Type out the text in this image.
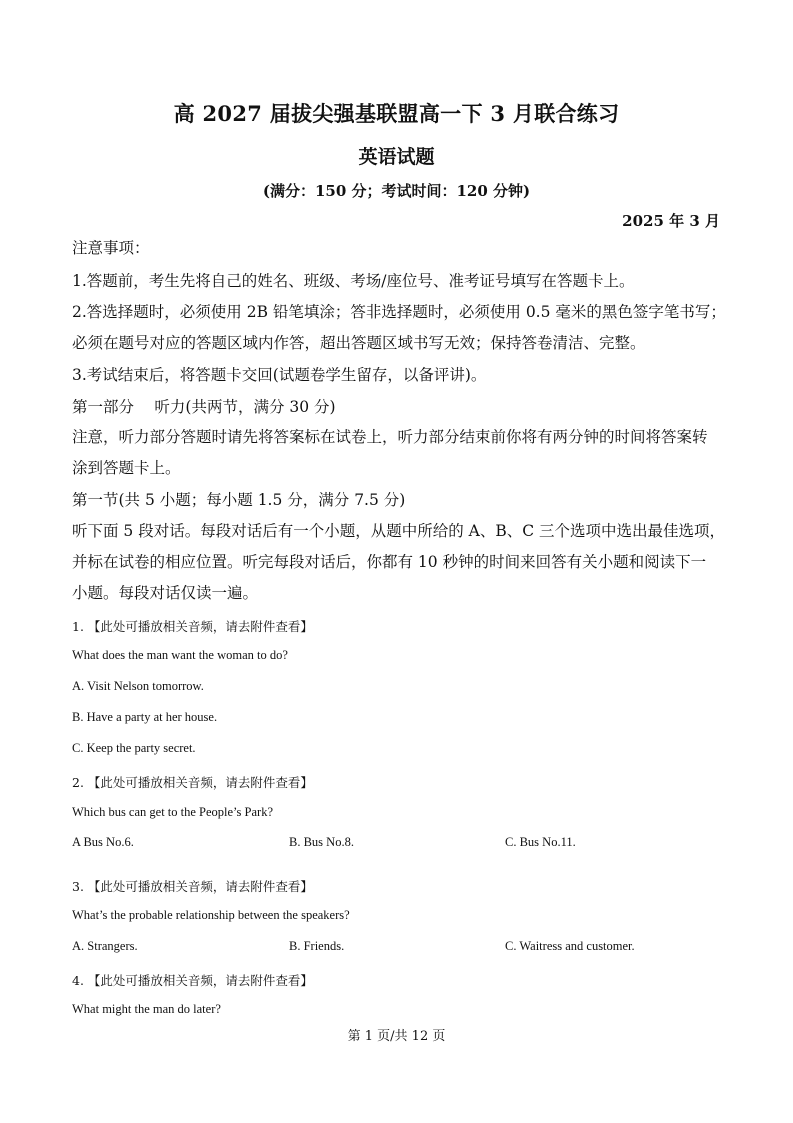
高 2027 届拔尖强基联盟高一下 3 月联合练习
英语试题
(满分：150 分；考试时间：120 分钟)
2025 年 3 月
注意事项：
1.答题前，考生先将自己的姓名、班级、考场/座位号、准考证号填写在答题卡上。
2.答选择题时，必须使用 2B 铅笔填涂；答非选择题时，必须使用 0.5 毫米的黑色签字笔书写；
必须在题号对应的答题区域内作答，超出答题区域书写无效；保持答卷清洁、完整。
3.考试结束后，将答题卡交回(试题卷学生留存，以备评讲)。
第一部分　 听力(共两节，满分 30 分)
注意，听力部分答题时请先将答案标在试卷上，听力部分结束前你将有两分钟的时间将答案转
涂到答题卡上。
第一节(共 5 小题；每小题 1.5 分，满分 7.5 分)
听下面 5 段对话。每段对话后有一个小题，从题中所给的 A、B、C 三个选项中选出最佳选项，
并标在试卷的相应位置。听完每段对话后，你都有 10 秒钟的时间来回答有关小题和阅读下一
小题。每段对话仅读一遍。
1. 【此处可播放相关音频，请去附件查看】
What does the man want the woman to do?
A. Visit Nelson tomorrow.
B. Have a party at her house.
C. Keep the party secret.
2. 【此处可播放相关音频，请去附件查看】
Which bus can get to the People’s Park?
A Bus No.6.	B. Bus No.8.	C. Bus No.11.
3. 【此处可播放相关音频，请去附件查看】
What’s the probable relationship between the speakers?
A. Strangers.	B. Friends.	C. Waitress and customer.
4. 【此处可播放相关音频，请去附件查看】
What might the man do later?
第 1 页/共 12 页
